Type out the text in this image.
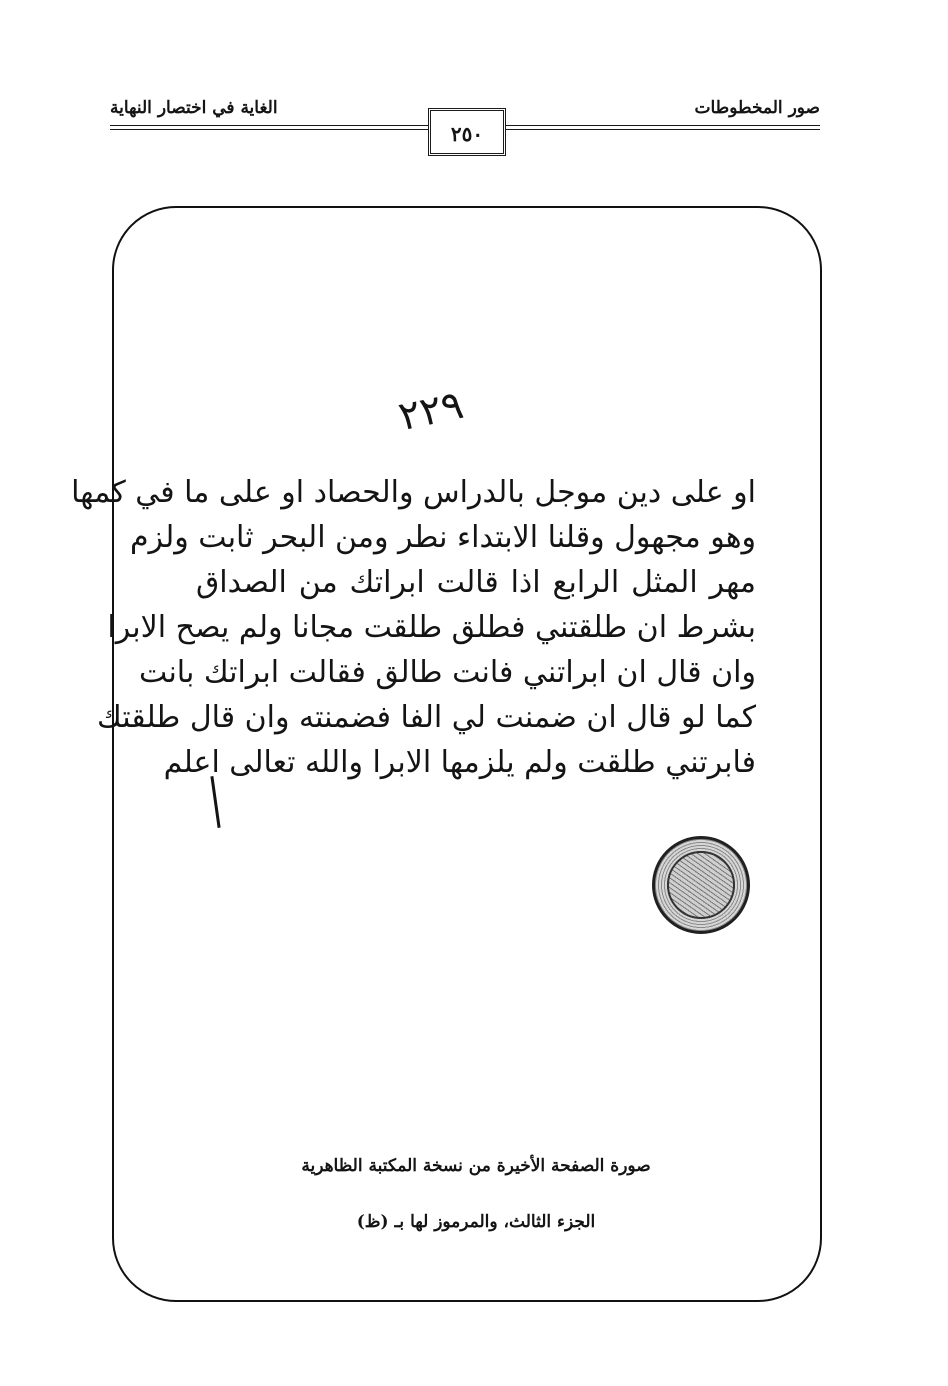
صور المخطوطات
الغاية في اختصار النهاية
٢٥٠
٢٢٩
او على دين موجل بالدراس والحصاد او على ما في كمها
وهو مجهول وقلنا الابتداء نطر ومن البحر ثابت ولزم
مهر المثل الرابع اذا قالت ابراتك من الصداق
بشرط ان طلقتني فطلق طلقت مجانا ولم يصح الابرا
وان قال ان ابراتني فانت طالق فقالت ابراتك بانت
كما لو قال ان ضمنت لي الفا فضمنته وان قال طلقتك
فابرتني طلقت ولم يلزمها الابرا والله تعالى اعلم
صورة الصفحة الأخيرة من نسخة المكتبة الظاهرية
الجزء الثالث، والمرموز لها بـ (ظ)
